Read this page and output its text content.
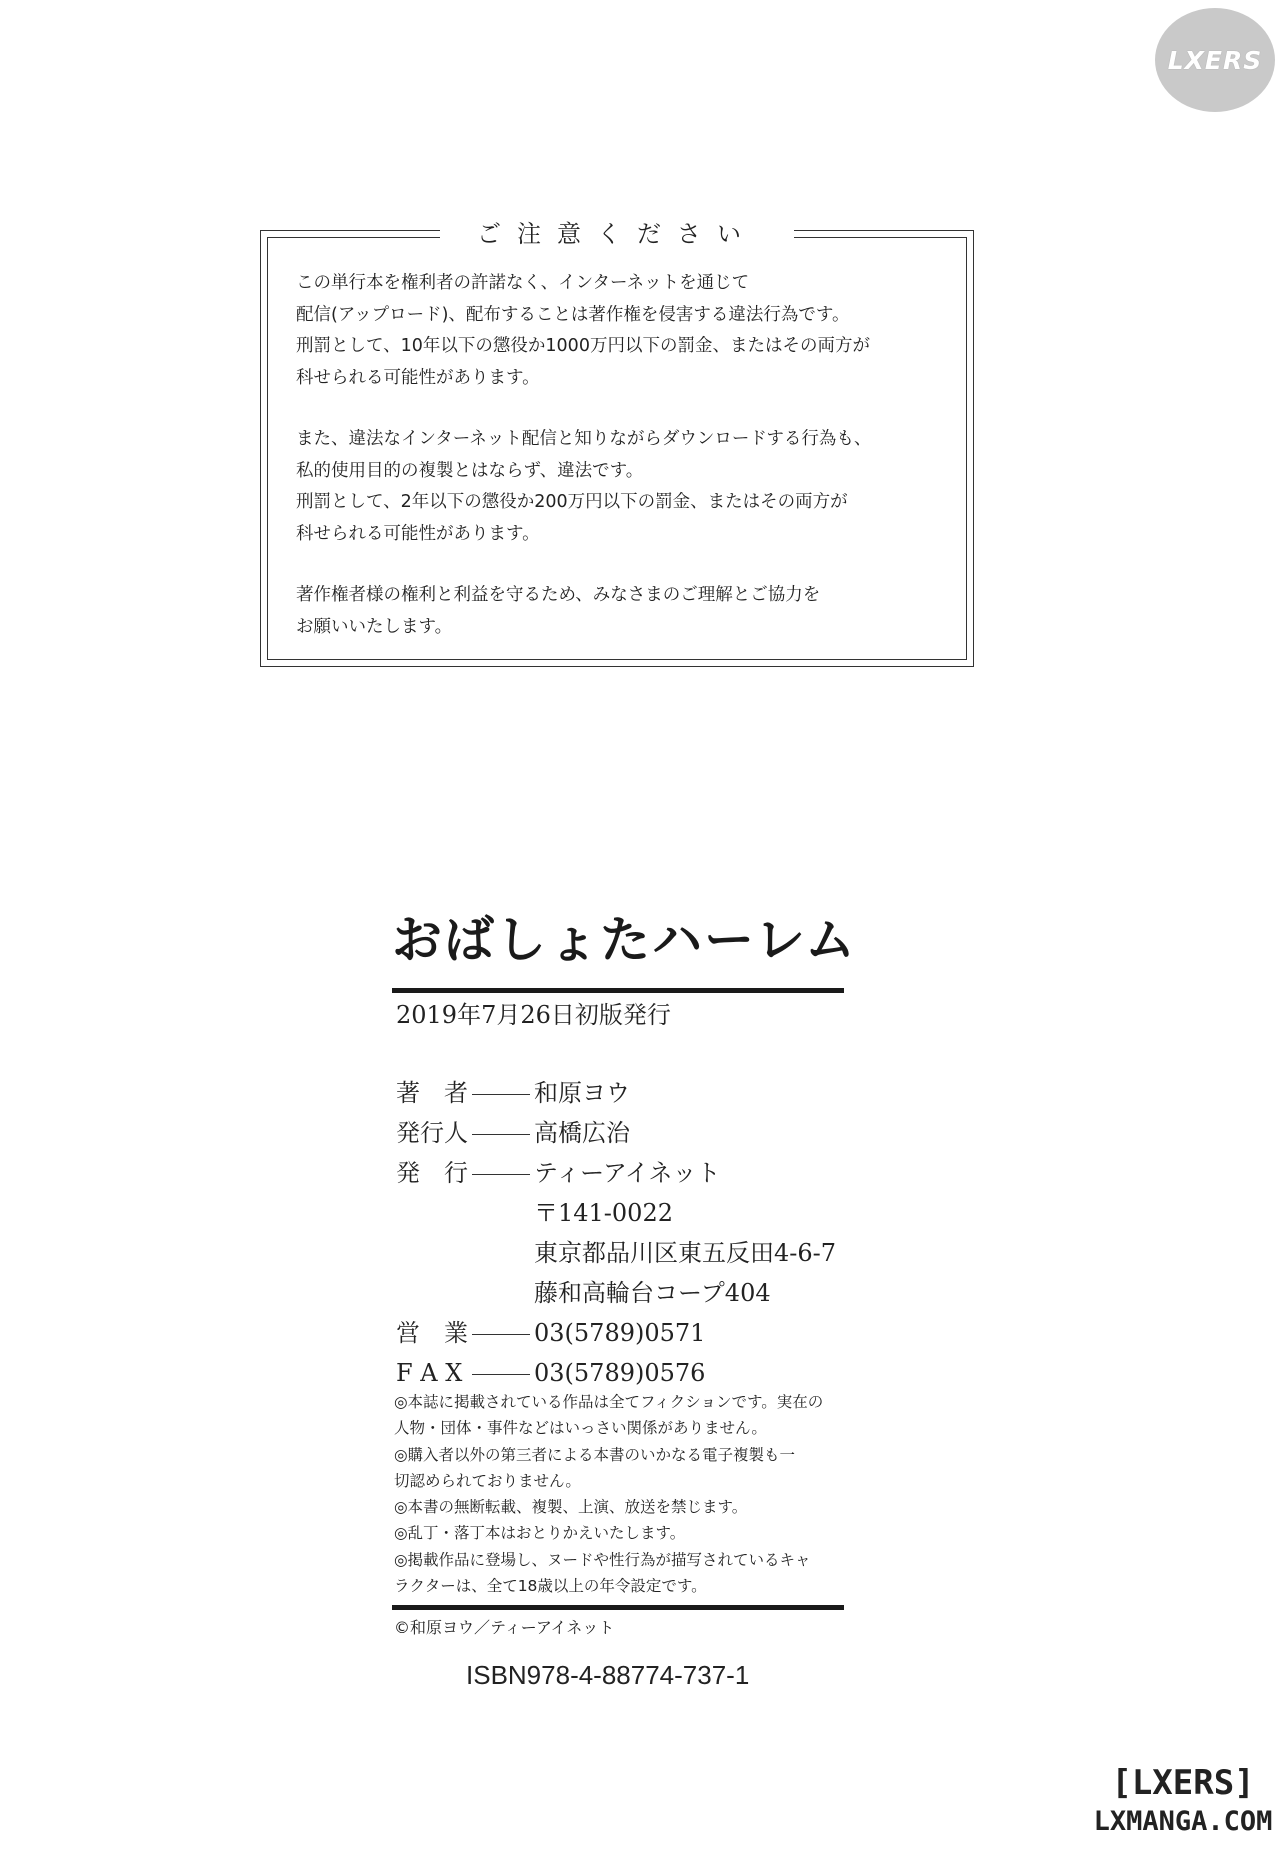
LXERS
ご注意ください

この単行本を権利者の許諾なく、インターネットを通じて
配信(アップロード)、配布することは著作権を侵害する違法行為です。
刑罰として、10年以下の懲役か1000万円以下の罰金、またはその両方が
科せられる可能性があります。

また、違法なインターネット配信と知りながらダウンロードする行為も、
私的使用目的の複製とはならず、違法です。
刑罰として、2年以下の懲役か200万円以下の罰金、またはその両方が
科せられる可能性があります。

著作権者様の権利と利益を守るため、みなさまのご理解とご協力を
お願いいたします。

おばしょたハーレム
2019年7月26日初版発行
著　者	和原ヨウ
発行人	高橋広治
発　行	ティーアイネット
〒141-0022
東京都品川区東五反田4-6-7
藤和高輪台コープ404
営　業	03(5789)0571
F A X	03(5789)0576
◎本誌に掲載されている作品は全てフィクションです。実在の
人物・団体・事件などはいっさい関係がありません。
◎購入者以外の第三者による本書のいかなる電子複製も一
切認められておりません。
◎本書の無断転載、複製、上演、放送を禁じます。
◎乱丁・落丁本はおとりかえいたします。
◎掲載作品に登場し、ヌードや性行為が描写されているキャ
ラクターは、全て18歳以上の年令設定です。
©和原ヨウ／ティーアイネット
ISBN978-4-88774-737-1
[LXERS]
LXMANGA.COM
